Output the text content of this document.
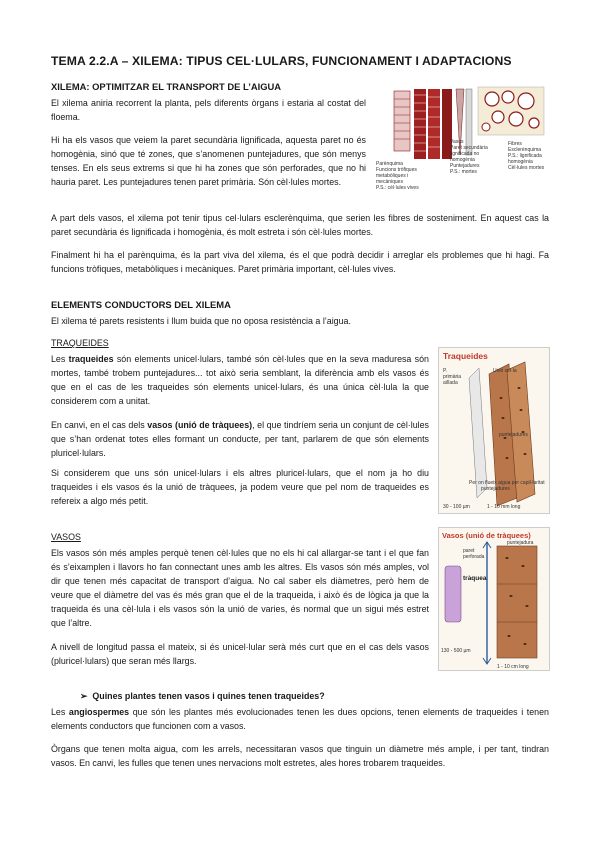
TEMA 2.2.A – XILEMA: TIPUS CEL·LULARS, FUNCIONAMENT I ADAPTACIONS
XILEMA: OPTIMITZAR EL TRANSPORT DE L’AIGUA
El xilema aniria recorrent la planta, pels diferents òrgans i estaria al costat del floema.
Hi ha els vasos que veiem la paret secundària lignificada, aquesta paret no és homogènia, sinó que té zones, que s’anomenen puntejadures, que són menys tenses. En els seus extrems si que hi ha zones que són perforades, que no hi hauria paret. Les puntejadures tenen paret primària. Són cèl·lules mortes.
Parènquima
Funcions tròfiques
metabòliques i
mecàniques
P.S.: cèl·lules vives
Vasos
Paret secundària
lignificada no
homogènia
Puntejadures
P.S.: mortes
Fibres
Esclerènquima
P.S.: lignificada
homogènia
Cèl·lules mortes
A part dels vasos, el xilema pot tenir tipus cel·lulars esclerènquima, que serien les fibres de sosteniment. En aquest cas la paret secundària és lignificada i homogènia, és molt estreta i són cèl·lules mortes.
Finalment hi ha el parènquima, és la part viva del xilema, és el que podrà decidir i arreglar els problemes que hi hagi. Fa funcions tròfiques, metabòliques i mecàniques. Paret primària important, cèl·lules vives.
ELEMENTS CONDUCTORS DEL XILEMA
El xilema té parets resistents i llum buida que no oposa resistència a l’aigua.
TRAQUEIDES
Les traqueides són elements unicel·lulars, també són cèl·lules que en la seva maduresa són mortes, també trobem puntejadures... tot això seria semblant, la diferència amb els vasos és que en el cas de les traqueides són elements unicel·lulars, és una única cèl·lula la que considerem com a unitat.
En canvi, en el cas dels vasos (unió de tràquees), el que tindríem seria un conjunt de cèl·lules que s’han ordenat totes elles formant un conducte, per tant, parlarem de que són elements pluricel·lulars.
Si considerem que uns són unicel·lulars i els altres pluricel·lulars, que el nom ja ho diu traqueides i els vasos és la unió de tràquees, ja podem veure que pel nom de traqueides es refereix a algo més petit.
Traqueides
P.
primària
aïllada
Unió cel·la
puntejadures
Per on flueix aigua per capil·laritat
puntejadures
30 - 100 µm	1 - 10 mm long
VASOS
Els vasos són més amples perquè tenen cèl·lules que no els hi cal allargar-se tant i el que fan és s’eixamplen i llavors ho fan connectant unes amb les altres. Els vasos són més amples, vol dir que tenen més capacitat de transport d’aigua. No cal saber els diàmetres, però hem de veure que el diàmetre del vas és més gran que el de la traqueida, i això és de lògica ja que la traqueida és una cèl·lula i els vasos són la unió de varies, és normal que un sigui més estret que l’altre.
A nivell de longitud passa el mateix, si és unicel·lular serà més curt que en el cas dels vasos (pluricel·lulars) que seran més llargs.
Vasos (unió de tràquees)
paret
perforada
tràquea
puntejadura
130 - 500 µm
1 - 10 cm long
➢  Quines plantes tenen vasos i quines tenen traqueides?
Les angiospermes que són les plantes més evolucionades tenen les dues opcions, tenen elements de traqueides i tenen elements conductors que funcionen com a vasos.
Òrgans que tenen molta aigua, com les arrels, necessitaran vasos que tinguin un diàmetre més ample, i per tant, tindran vasos. En canvi, les fulles que tenen unes nervacions molt estretes, ales hores trobarem traqueides.
